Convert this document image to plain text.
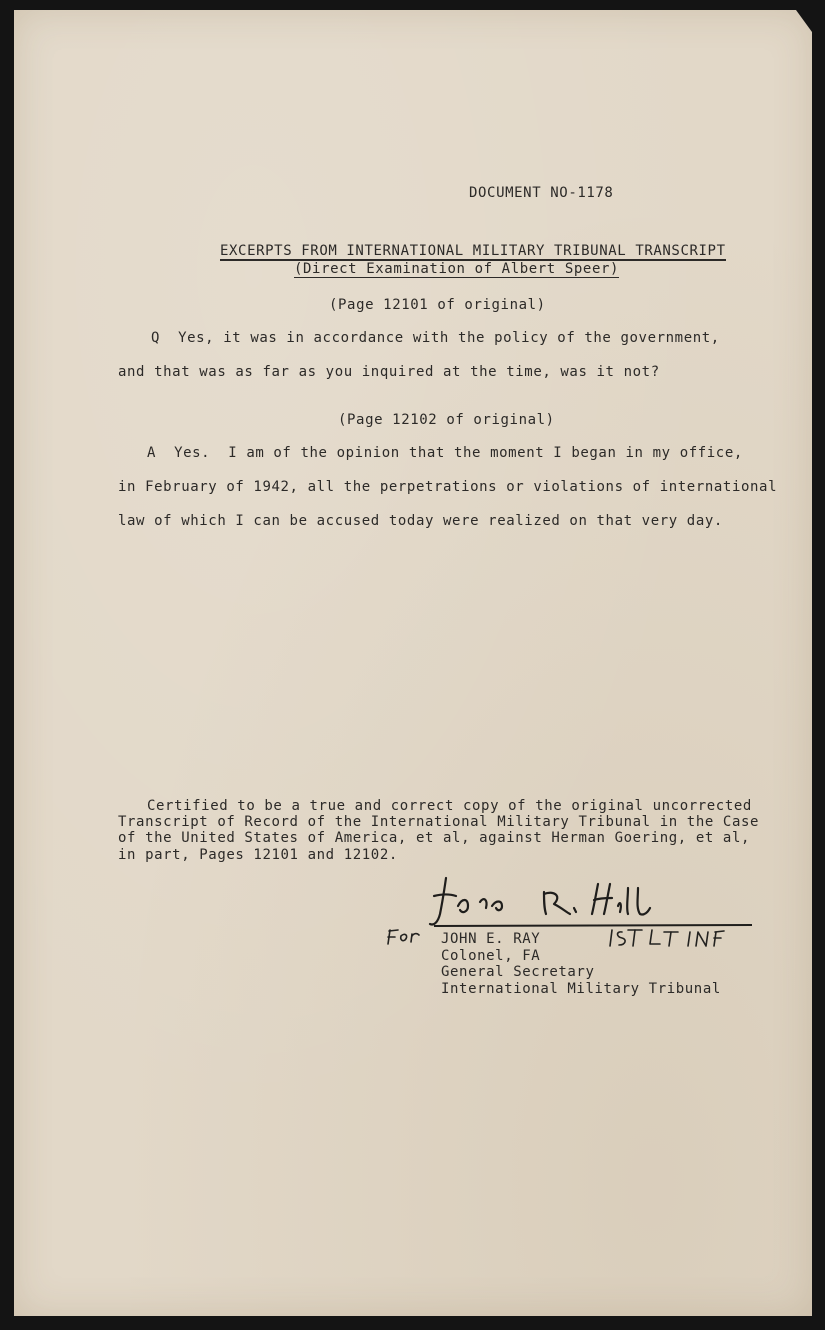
DOCUMENT NO-1178
EXCERPTS FROM INTERNATIONAL MILITARY TRIBUNAL TRANSCRIPT
(Direct Examination of Albert Speer)
(Page 12101 of original)
Q  Yes, it was in accordance with the policy of the government,
and that was as far as you inquired at the time, was it not?
(Page 12102 of original)
A  Yes.  I am of the opinion that the moment I began in my office,
in February of 1942, all the perpetrations or violations of international
law of which I can be accused today were realized on that very day.
Certified to be a true and correct copy of the original uncorrected
Transcript of Record of the International Military Tribunal in the Case
of the United States of America, et al, against Herman Goering, et al,
in part, Pages 12101 and 12102.
JOHN E. RAY
Colonel, FA
General Secretary
International Military Tribunal
